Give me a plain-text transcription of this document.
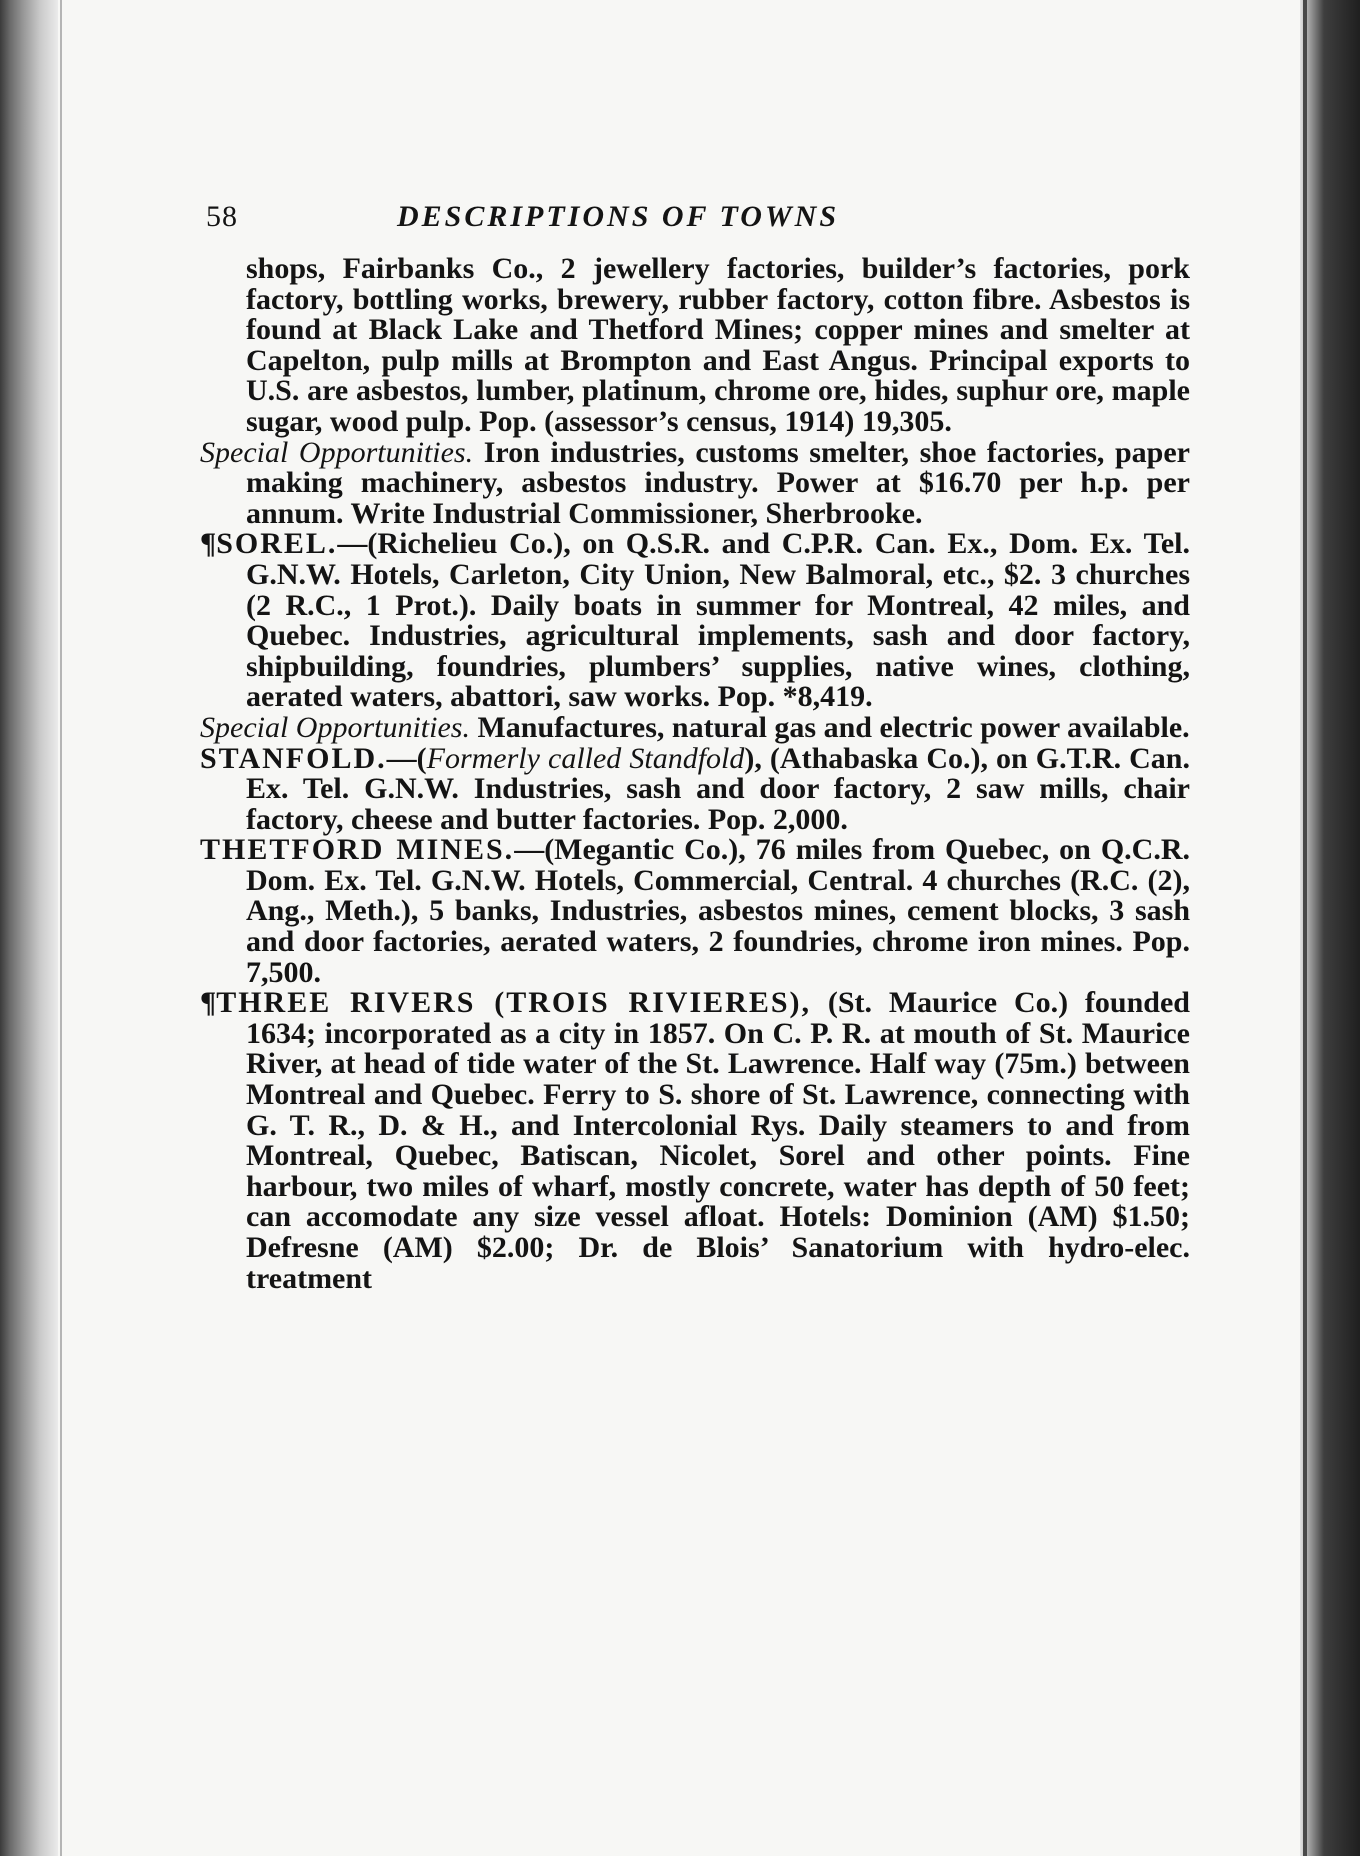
58	DESCRIPTIONS OF TOWNS

shops, Fairbanks Co., 2 jewellery factories, builder’s factories, pork factory, bottling works, brewery, rubber factory, cotton fibre. Asbestos is found at Black Lake and Thetford Mines; copper mines and smelter at Capelton, pulp mills at Brompton and East Angus. Principal exports to U.S. are asbestos, lumber, platinum, chrome ore, hides, suphur ore, maple sugar, wood pulp. Pop. (assessor’s census, 1914) 19,305.

Special Opportunities. Iron industries, customs smelter, shoe factories, paper making machinery, asbestos industry. Power at $16.70 per h.p. per annum. Write Industrial Commissioner, Sherbrooke.

¶SOREL.—(Richelieu Co.), on Q.S.R. and C.P.R. Can. Ex., Dom. Ex. Tel. G.N.W. Hotels, Carleton, City Union, New Balmoral, etc., $2. 3 churches (2 R.C., 1 Prot.). Daily boats in summer for Montreal, 42 miles, and Quebec. Industries, agricultural implements, sash and door factory, shipbuilding, foundries, plumbers’ supplies, native wines, clothing, aerated waters, abattori, saw works. Pop. *8,419.

Special Opportunities. Manufactures, natural gas and electric power available.

STANFOLD.—(Formerly called Standfold), (Athabaska Co.), on G.T.R. Can. Ex. Tel. G.N.W. Industries, sash and door factory, 2 saw mills, chair factory, cheese and butter factories. Pop. 2,000.

THETFORD MINES.—(Megantic Co.), 76 miles from Quebec, on Q.C.R. Dom. Ex. Tel. G.N.W. Hotels, Commercial, Central. 4 churches (R.C. (2), Ang., Meth.), 5 banks, Industries, asbestos mines, cement blocks, 3 sash and door factories, aerated waters, 2 foundries, chrome iron mines. Pop. 7,500.

¶THREE RIVERS (TROIS RIVIERES), (St. Maurice Co.) founded 1634; incorporated as a city in 1857. On C. P. R. at mouth of St. Maurice River, at head of tide water of the St. Lawrence. Half way (75m.) between Montreal and Quebec. Ferry to S. shore of St. Lawrence, connecting with G. T. R., D. & H., and Intercolonial Rys. Daily steamers to and from Montreal, Quebec, Batiscan, Nicolet, Sorel and other points. Fine harbour, two miles of wharf, mostly concrete, water has depth of 50 feet; can accomodate any size vessel afloat. Hotels: Dominion (AM) $1.50; Defresne (AM) $2.00; Dr. de Blois’ Sanatorium with hydro-elec. treatment
